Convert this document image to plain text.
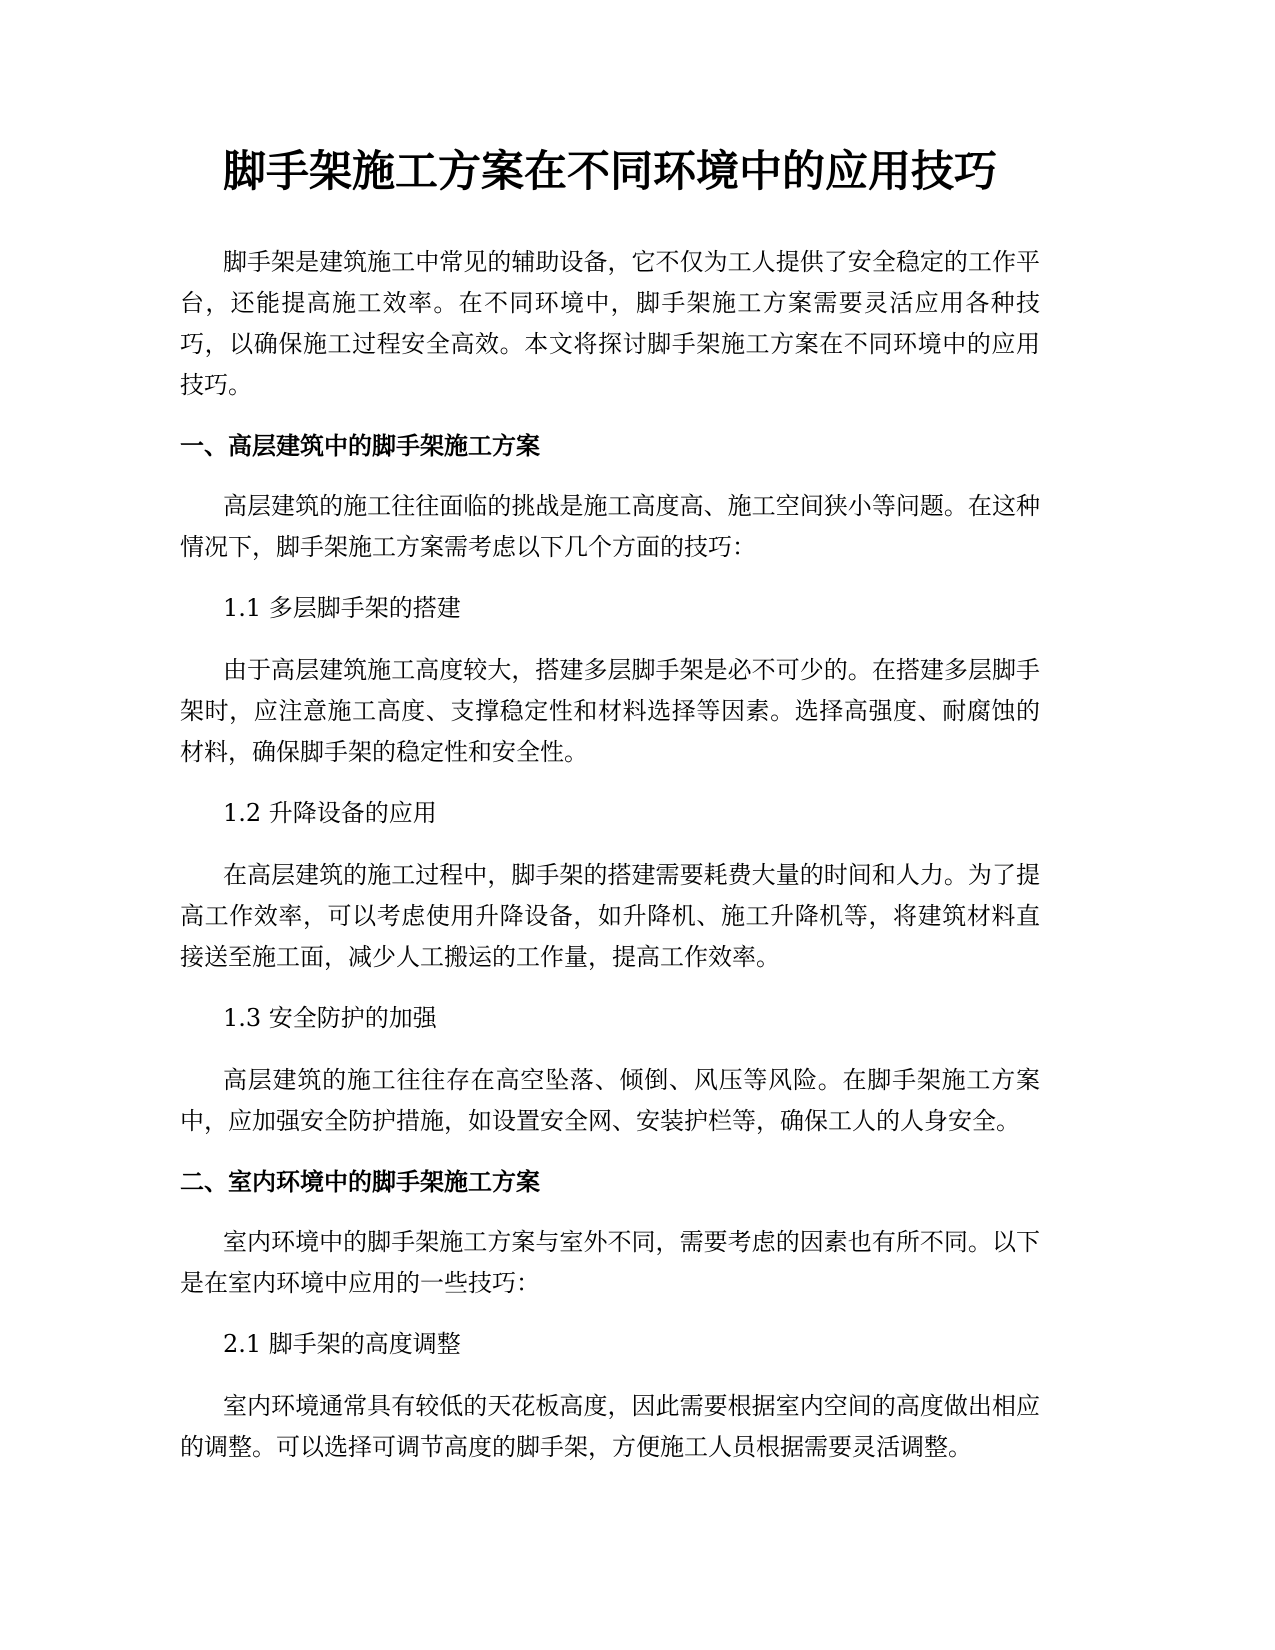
脚手架施工方案在不同环境中的应用技巧

脚手架是建筑施工中常见的辅助设备，它不仅为工人提供了安全稳定的工作平台，还能提高施工效率。在不同环境中，脚手架施工方案需要灵活应用各种技巧，以确保施工过程安全高效。本文将探讨脚手架施工方案在不同环境中的应用技巧。

一、高层建筑中的脚手架施工方案

高层建筑的施工往往面临的挑战是施工高度高、施工空间狭小等问题。在这种情况下，脚手架施工方案需考虑以下几个方面的技巧：

1.1 多层脚手架的搭建

由于高层建筑施工高度较大，搭建多层脚手架是必不可少的。在搭建多层脚手架时，应注意施工高度、支撑稳定性和材料选择等因素。选择高强度、耐腐蚀的材料，确保脚手架的稳定性和安全性。

1.2 升降设备的应用

在高层建筑的施工过程中，脚手架的搭建需要耗费大量的时间和人力。为了提高工作效率，可以考虑使用升降设备，如升降机、施工升降机等，将建筑材料直接送至施工面，减少人工搬运的工作量，提高工作效率。

1.3 安全防护的加强

高层建筑的施工往往存在高空坠落、倾倒、风压等风险。在脚手架施工方案中，应加强安全防护措施，如设置安全网、安装护栏等，确保工人的人身安全。

二、室内环境中的脚手架施工方案

室内环境中的脚手架施工方案与室外不同，需要考虑的因素也有所不同。以下是在室内环境中应用的一些技巧：

2.1 脚手架的高度调整

室内环境通常具有较低的天花板高度，因此需要根据室内空间的高度做出相应的调整。可以选择可调节高度的脚手架，方便施工人员根据需要灵活调整。
